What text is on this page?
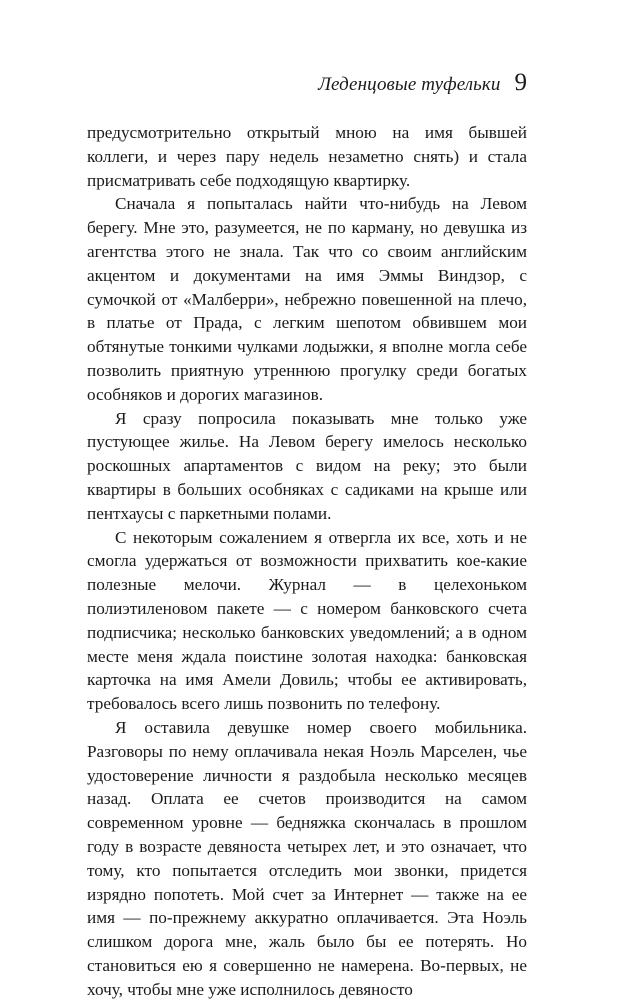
Леденцовые туфельки 9

предусмотрительно открытый мною на имя бывшей коллеги, и через пару недель незаметно снять) и стала присматривать себе подходящую квартирку.

Сначала я попыталась найти что-нибудь на Левом берегу. Мне это, разумеется, не по карману, но девушка из агентства этого не знала. Так что со своим английским акцентом и документами на имя Эммы Виндзор, с сумочкой от «Малберри», небрежно повешенной на плечо, в платье от Прада, с легким шепотом обвившем мои обтянутые тонкими чулками лодыжки, я вполне могла себе позволить приятную утреннюю прогулку среди богатых особняков и дорогих магазинов.

Я сразу попросила показывать мне только уже пустующее жилье. На Левом берегу имелось несколько роскошных апартаментов с видом на реку; это были квартиры в больших особняках с садиками на крыше или пентхаусы с паркетными полами.

С некоторым сожалением я отвергла их все, хоть и не смогла удержаться от возможности прихватить кое-какие полезные мелочи. Журнал — в целехоньком полиэтиленовом пакете — с номером банковского счета подписчика; несколько банковских уведомлений; а в одном месте меня ждала поистине золотая находка: банковская карточка на имя Амели Довиль; чтобы ее активировать, требовалось всего лишь позвонить по телефону.

Я оставила девушке номер своего мобильника. Разговоры по нему оплачивала некая Ноэль Марселен, чье удостоверение личности я раздобыла несколько месяцев назад. Оплата ее счетов производится на самом современном уровне — бедняжка скончалась в прошлом году в возрасте девяноста четырех лет, и это означает, что тому, кто попытается отследить мои звонки, придется изрядно попотеть. Мой счет за Интернет — также на ее имя — по-прежнему аккуратно оплачивается. Эта Ноэль слишком дорога мне, жаль было бы ее потерять. Но становиться ею я совершенно не намерена. Во-первых, не хочу, чтобы мне уже исполнилось девяносто
